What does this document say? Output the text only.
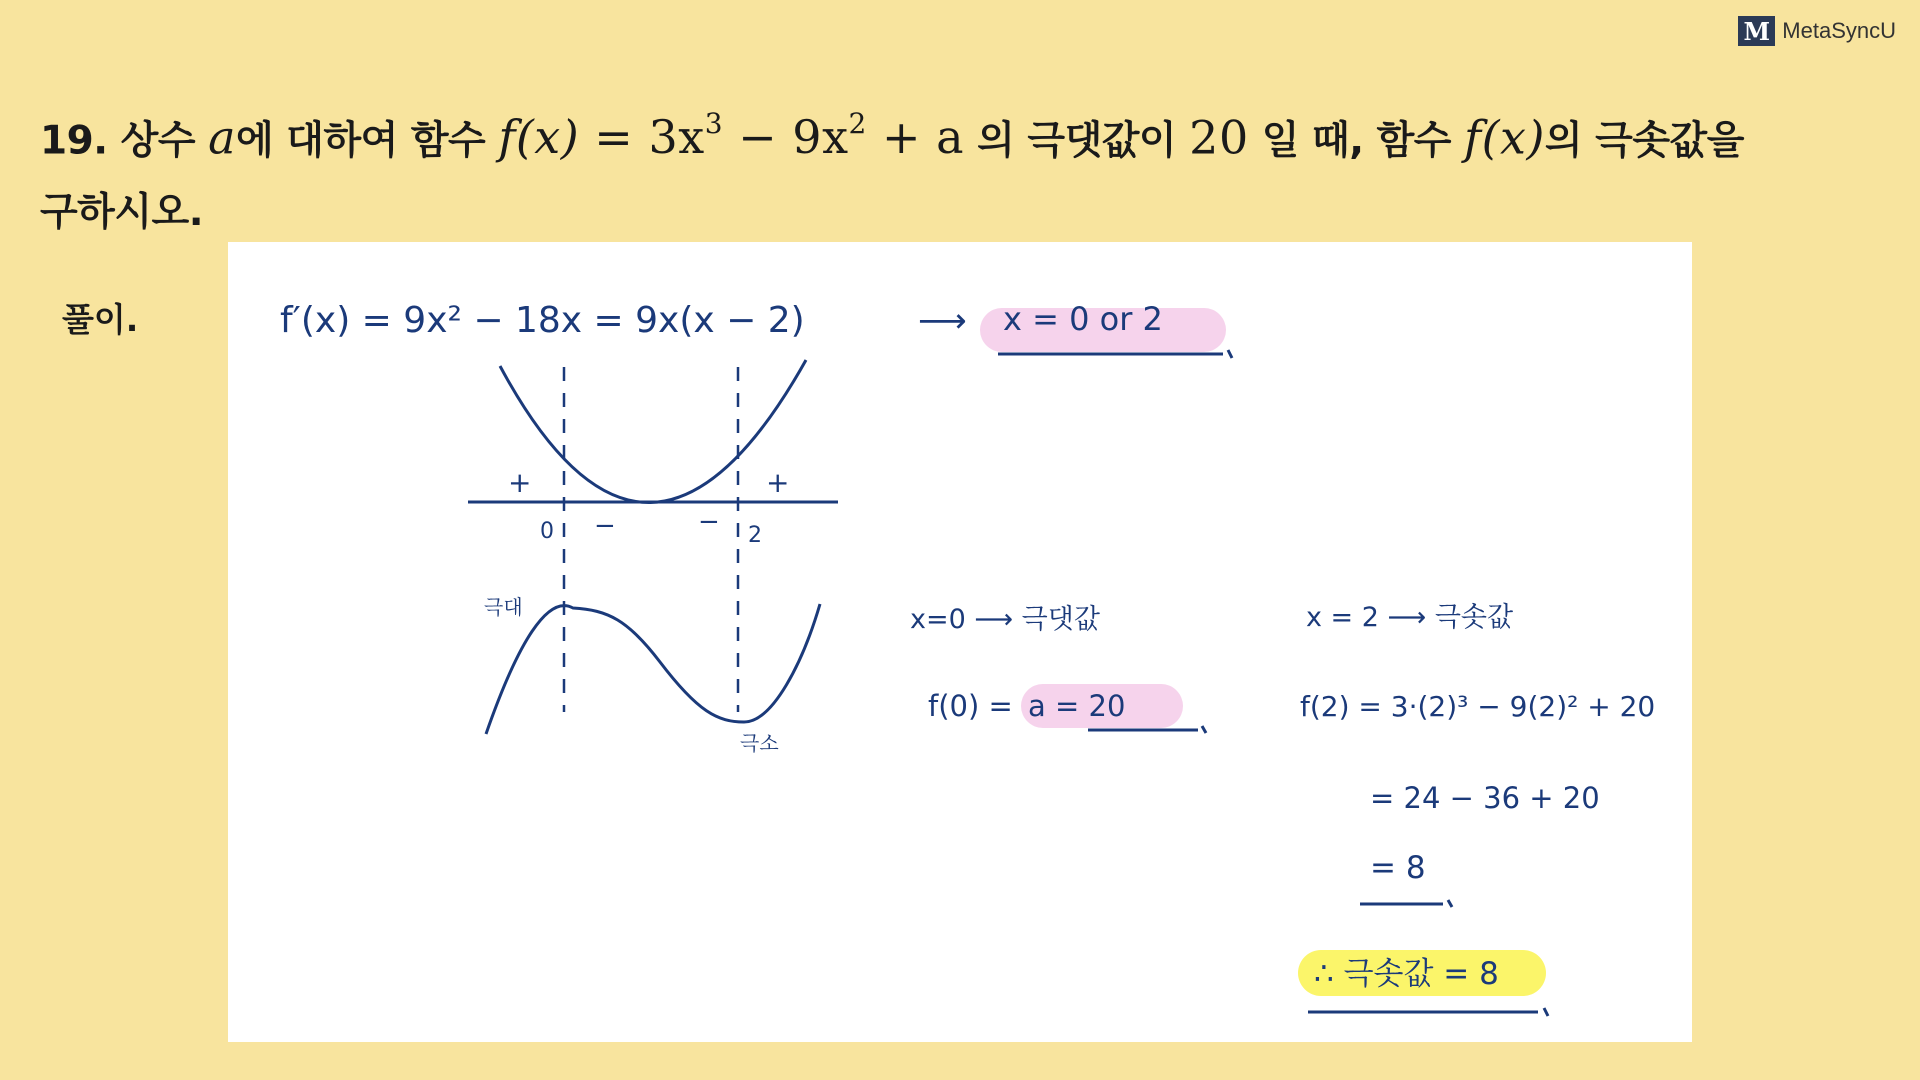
M MetaSyncU
19. 상수 a에 대하여 함수 $f(x) = 3x^3 - 9x^2 + a$ 의 극댓값이 20 일 때, 함수 f(x)의 극솟값을 구하시오.
풀이.	f′(x) = 9x² − 18x = 9x(x − 2)	⟶ x = 0 or 2
+	+
−	−
0	2
극대
극소
x=0 ⟶ 극댓값
f(0) = a = 20
x = 2 ⟶ 극솟값
f(2) = 3·(2)³ − 9(2)² + 20
= 24 − 36 + 20
= 8
∴ 극솟값 = 8
